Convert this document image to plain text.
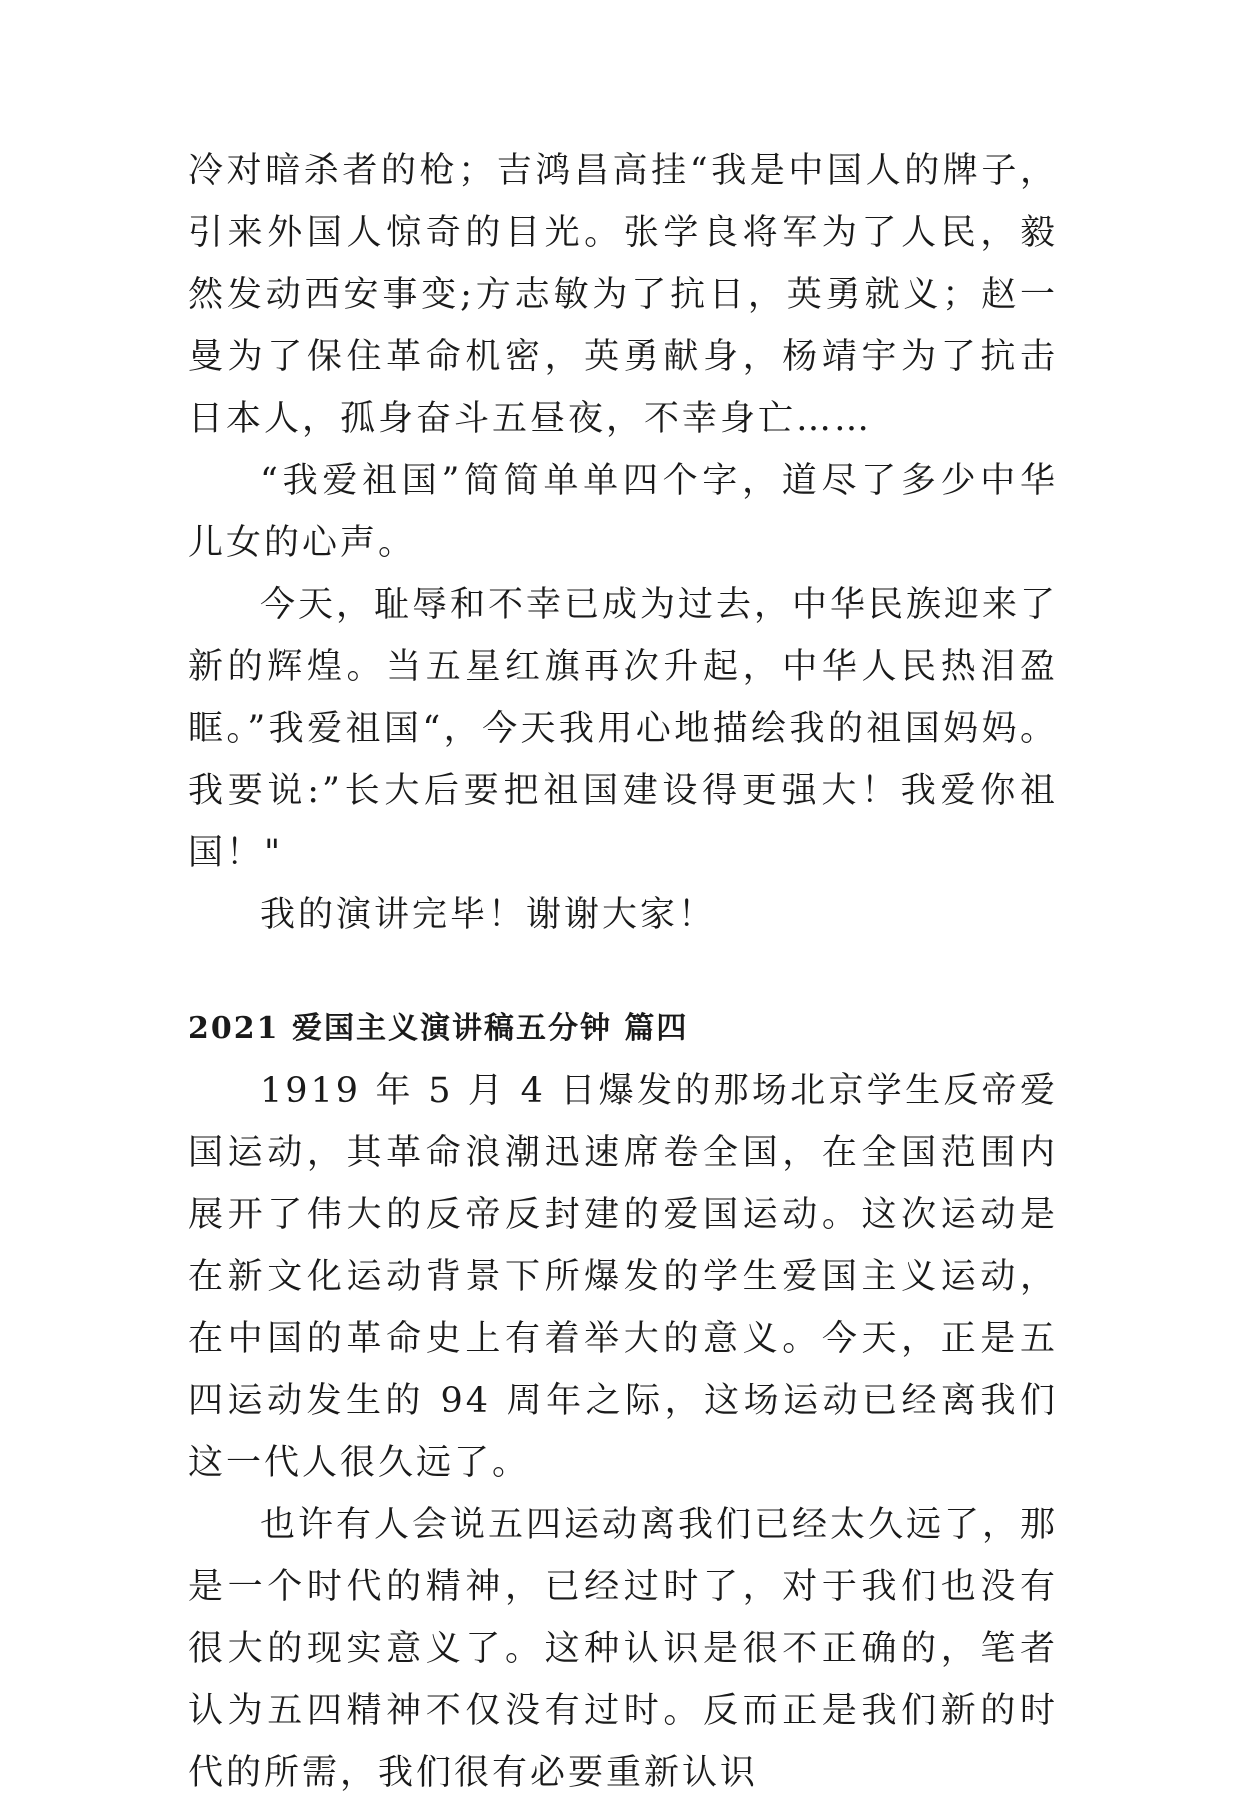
冷对暗杀者的枪；吉鸿昌高挂“我是中国人的牌子，引来外国人惊奇的目光。张学良将军为了人民，毅然发动西安事变;方志敏为了抗日，英勇就义；赵一曼为了保住革命机密，英勇献身，杨靖宇为了抗击日本人，孤身奋斗五昼夜，不幸身亡……

“我爱祖国”简简单单四个字，道尽了多少中华儿女的心声。

今天，耻辱和不幸已成为过去，中华民族迎来了新的辉煌。当五星红旗再次升起，中华人民热泪盈眶。”我爱祖国“，今天我用心地描绘我的祖国妈妈。我要说:”长大后要把祖国建设得更强大！我爱你祖国！"

我的演讲完毕！谢谢大家！

2021 爱国主义演讲稿五分钟 篇四

1919 年 5 月 4 日爆发的那场北京学生反帝爱国运动，其革命浪潮迅速席卷全国，在全国范围内展开了伟大的反帝反封建的爱国运动。这次运动是在新文化运动背景下所爆发的学生爱国主义运动，在中国的革命史上有着举大的意义。今天，正是五四运动发生的 94 周年之际，这场运动已经离我们这一代人很久远了。

也许有人会说五四运动离我们已经太久远了，那是一个时代的精神，已经过时了，对于我们也没有很大的现实意义了。这种认识是很不正确的，笔者认为五四精神不仅没有过时。反而正是我们新的时代的所需，我们很有必要重新认识
